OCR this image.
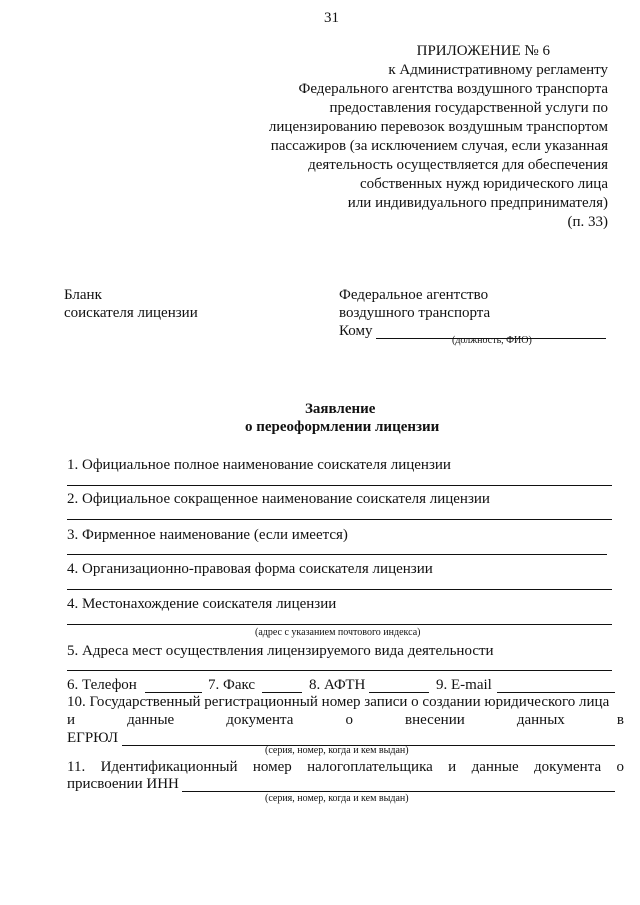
31
ПРИЛОЖЕНИЕ № 6
к Административному регламенту
Федерального агентства воздушного транспорта
предоставления государственной услуги по
лицензированию перевозок воздушным транспортом
пассажиров (за исключением случая, если указанная
деятельность осуществляется для обеспечения
собственных нужд юридического лица
или индивидуального предпринимателя)
(п. 33)
Бланк
соискателя лицензии
Федеральное агентство
воздушного транспорта
Кому
(должность, ФИО)
Заявление
о переоформлении лицензии
1. Официальное полное наименование соискателя лицензии
2. Официальное сокращенное наименование соискателя лицензии
3. Фирменное наименование (если имеется)
4. Организационно-правовая форма соискателя лицензии
4. Местонахождение соискателя лицензии
(адрес с указанием почтового индекса)
5. Адреса мест осуществления лицензируемого вида деятельности
6. Телефон	7. Факс	8. АФТН	9. E-mail
10. Государственный регистрационный номер записи о создании юридического лица
и	данные	документа	о	внесении	данных	в
ЕГРЮЛ
(серия, номер, когда и кем выдан)
11. Идентификационный номер налогоплательщика и данные документа о
присвоении ИНН
(серия, номер, когда и кем выдан)
